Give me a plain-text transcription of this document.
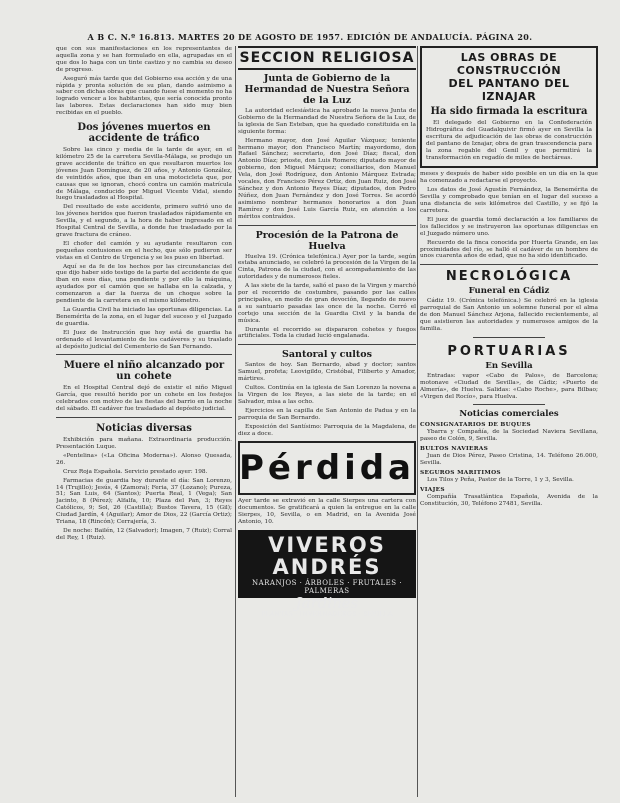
A B C. N.º 16.813. MARTES 20 DE AGOSTO DE 1957. EDICIÓN DE ANDALUCÍA. PÁGINA 20.

que con sus manifestaciones en los representantes de aquella zona y se han formulado en ella, agrupadas en el que dos lo haga con un tinte castizo y no cambia su deseo de progreso.

Aseguró más tarde que del Gobierno esa acción y de una rápida y pronta solución de su plan, dando asimismo a saber con dichas obras que cuando fuese el momento no ha logrado vencer a los habitantes, que sería conocida pronto las labores. Estas declaraciones han sido muy bien recibidas en el pueblo.

Dos jóvenes muertos en accidente de tráfico

Sobre las cinco y media de la tarde de ayer, en el kilómetro 25 de la carretera Sevilla-Málaga, se produjo un grave accidente de tráfico en que resultaron muertos los jóvenes Juan Domínguez, de 20 años, y Antonio González, de veintidós años, que iban en una motocicleta que, por causas que se ignoran, chocó contra un camión matrícula de Málaga, conducido por Miguel Vicente Vidal, siendo luego trasladados al Hospital.

Del resultado de este accidente, primero sufrió uno de los jóvenes heridos que fueron trasladados rápidamente en Sevilla, y el segundo, a la hora de haber ingresado en el Hospital Central de Sevilla, a donde fue trasladado por la grave fractura de cráneo.

El chofer del camión y su ayudante resultaron con pequeñas contusiones en el hecho, que sólo pudieron ser vistas en el Centro de Urgencia y se les puso en libertad.

Aquí se da fe de los hechos por las circunstancias del que dijo haber sido testigo de la parte del accidente de que iban en esos días, una pendiente y por ello la máquina, ayudados por el camión que se hallaba en la calzada, y comenzaron a dar la fuerza de un choque sobre la pendiente de la carretera en el mismo kilómetro.

La Guardia Civil ha iniciado las oportunas diligencias. La Benemérita de la zona, en el lugar del suceso y el Juzgado de guardia.

El Juez de Instrucción que hoy está de guardia ha ordenado el levantamiento de los cadáveres y su traslado al depósito judicial del Cementerio de San Fernando.

Muere el niño alcanzado por un cohete

En el Hospital Central dejó de existir el niño Miguel García, que resultó herido por un cohete en los festejos celebrados con motivo de las fiestas del barrio en la noche del sábado. El cadáver fue trasladado al depósito judicial.

Noticias diversas

Exhibición para mañana. Extraordinaria producción. Presentación Luque.

«Pentelina» («La Oficina Moderna»). Alonso Quesada, 26.

Cruz Roja Española. Servicio prestado ayer: 198.

Farmacias de guardia hoy durante el día: San Lorenzo, 14 (Trujillo); Jesús, 4 (Zamora); Feria, 37 (Lozano); Pureza, 51; San Luis, 64 (Santos); Puerta Real, 1 (Vega); San Jacinto, 8 (Pérez); Alfalfa, 10; Plaza del Pan, 3; Reyes Católicos, 9; Sol, 26 (Castilla); Bustos Tavera, 15 (Gil); Ciudad Jardín, 4 (Aguilar); Amor de Dios, 22 (García Ortiz); Triana, 18 (Rincón); Cerrajería, 3.

De noche: Bailén, 12 (Salvador); Imagen, 7 (Ruiz); Corral del Rey, 1 (Ruiz).

SECCION RELIGIOSA
Junta de Gobierno de la Hermandad de Nuestra Señora de la Luz

La autoridad eclesiástica ha aprobado la nueva Junta de Gobierno de la Hermandad de Nuestra Señora de la Luz, de la iglesia de San Esteban, que ha quedado constituida en la siguiente forma:

Hermano mayor, don José Aguilar Vázquez; teniente hermano mayor, don Francisco Martín; mayordomo, don Rafael Sánchez; secretario, don José Díaz; fiscal, don Antonio Díaz; prioste, don Luis Romero; diputado mayor de gobierno, don Miguel Márquez; consiliarios, don Manuel Vela, don José Rodríguez, don Antonio Márquez Estrada; vocales, don Francisco Pérez Ortiz, don Juan Ruiz, don José Sánchez y don Antonio Reyes Díaz; diputados, don Pedro Núñez, don Juan Fernández y don José Torres. Se acordó asimismo nombrar hermanos honorarios a don Juan Ramírez y don José Luis García Ruiz, en atención a los méritos contraídos.

Procesión de la Patrona de Huelva

Huelva 19. (Crónica telefónica.) Ayer por la tarde, según estaba anunciado, se celebró la procesión de la Virgen de la Cinta, Patrona de la ciudad, con el acompañamiento de las autoridades y de numerosos fieles.

A las siete de la tarde, salió el paso de la Virgen y marchó por el recorrido de costumbre, pasando por las calles principales, en medio de gran devoción, llegando de nuevo a su santuario pasadas las once de la noche. Cerró el cortejo una sección de la Guardia Civil y la banda de música.

Durante el recorrido se dispararon cohetes y fuegos artificiales. Toda la ciudad lució engalanada.

Santoral y cultos

Santos de hoy. San Bernardo, abad y doctor; santos Samuel, profeta; Leovigildo, Cristóbal, Filiberto y Amador, mártires.

Cultos. Continúa en la iglesia de San Lorenzo la novena a la Virgen de los Reyes, a las siete de la tarde; en el Salvador, misa a las ocho.

Ejercicios en la capilla de San Antonio de Padua y en la parroquia de San Bernardo.

Exposición del Santísimo: Parroquia de la Magdalena, de diez a doce.

Pérdida

Ayer tarde se extravió en la calle Sierpes una cartera con documentos. Se gratificará a quien la entregue en la calle Sierpes, 10, Sevilla, o en Madrid, en la Avenida José Antonio, 10.

VIVEROS ANDRÉS
NARANJOS · ÁRBOLES · FRUTALES · PALMERAS
Jardines
PLANTAS · INVERNADEROS · SEVILLA
LAS OBRAS DE CONSTRUCCIÓN
DEL PANTANO DEL IZNAJAR
Ha sido firmada la escritura

El delegado del Gobierno en la Confederación Hidrográfica del Guadalquivir firmó ayer en Sevilla la escritura de adjudicación de las obras de construcción del pantano de Iznajar, obra de gran trascendencia para la zona regable del Genil y que permitirá la transformación en regadío de miles de hectáreas.

meses y después de haber sido posible en un día en la que ha comenzado a redactarse el proyecto.

Los datos de José Agustín Fernández, la Benemérita de Sevilla y comprobado que tenían en el lugar del suceso a una distancia de seis kilómetros del Castillo, y se fijó la carretera.

El juez de guardia tomó declaración a los familiares de los fallecidos y se instruyeron las oportunas diligencias en el Juzgado número uno.

Recuerdo de la finca conocida por Huerta Grande, en las proximidades del río, se halló el cadáver de un hombre de unos cuarenta años de edad, que no ha sido identificado.

NECROLÓGICA
Funeral en Cádiz

Cádiz 19. (Crónica telefónica.) Se celebró en la iglesia parroquial de San Antonio un solemne funeral por el alma de don Manuel Sánchez Arjona, fallecido recientemente, al que asistieron las autoridades y numerosos amigos de la familia.

PORTUARIAS
En Sevilla

Entradas: vapor «Cabo de Palos», de Barcelona; motonave «Ciudad de Sevilla», de Cádiz; «Puerto de Almería», de Huelva. Salidas: «Cabo Roche», para Bilbao; «Virgen del Rocío», para Huelva.

Noticias comerciales
CONSIGNATARIOS DE BUQUES

Ybarra y Compañía, de la Sociedad Naviera Sevillana, paseo de Colón, 9, Sevilla.

BULTOS NAVIERAS

Juan de Dios Pérez, Paseo Cristina, 14. Teléfono 26.000, Sevilla.

SEGUROS MARITIMOS

Los Tilos y Peña, Pastor de la Torre, 1 y 3, Sevilla.

VIAJES

Compañía Trasatlántica Española, Avenida de la Constitución, 30, Teléfono 27481, Sevilla.
